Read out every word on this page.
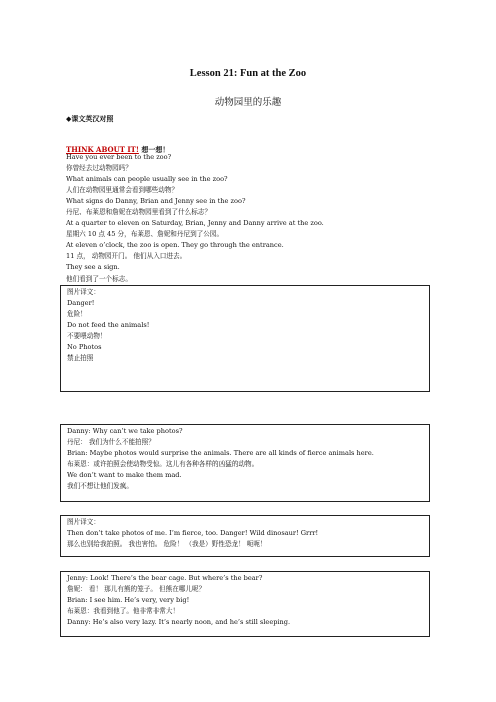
Lesson 21: Fun at the Zoo
动物园里的乐趣
◆课文英汉对照
THINK ABOUT IT! 想一想！
Have you ever been to the zoo?
你曾经去过动物园吗？
What animals can people usually see in the zoo?
人们在动物园里通常会看到哪些动物？
What signs do Danny, Brian and Jenny see in the zoo?
丹尼、布莱恩和詹妮在动物园里看到了什么标志？
At a quarter to eleven on Saturday, Brian, Jenny and Danny arrive at the zoo.
星期六 10 点 45 分，布莱恩、詹妮和丹尼到了公园。
At eleven o’clock, the zoo is open. They go through the entrance.
11 点， 动物园开门。 他们从入口进去。
They see a sign.
他们看到了一个标志。
图片译文：
Danger!
危险！
Do not feed the animals!
不要喂动物！
No Photos
禁止拍照
Danny: Why can’t we take photos?
丹尼： 我们为什么不能拍照？
Brian: Maybe photos would surprise the animals. There are all kinds of fierce animals here.
布莱恩：或许拍照会使动物受惊。这儿有各种各样的凶猛的动物。
We don’t want to make them mad.
我们不想让他们发疯。
图片译文：
Then don’t take photos of me. I’m fierce, too. Danger! Wild dinosaur! Grrr!
那么也别给我拍照。 我也害怕。 危险！ （我是）野性恐龙！ 呃呃！
Jenny: Look! There’s the bear cage. But where’s the bear?
詹妮： 看！ 那儿有熊的笼子。 但熊在哪儿呢？
Brian: I see him. He’s very, very big!
布莱恩：我看到他了。他非常非常大！
Danny: He’s also very lazy. It’s nearly noon, and he’s still sleeping.
